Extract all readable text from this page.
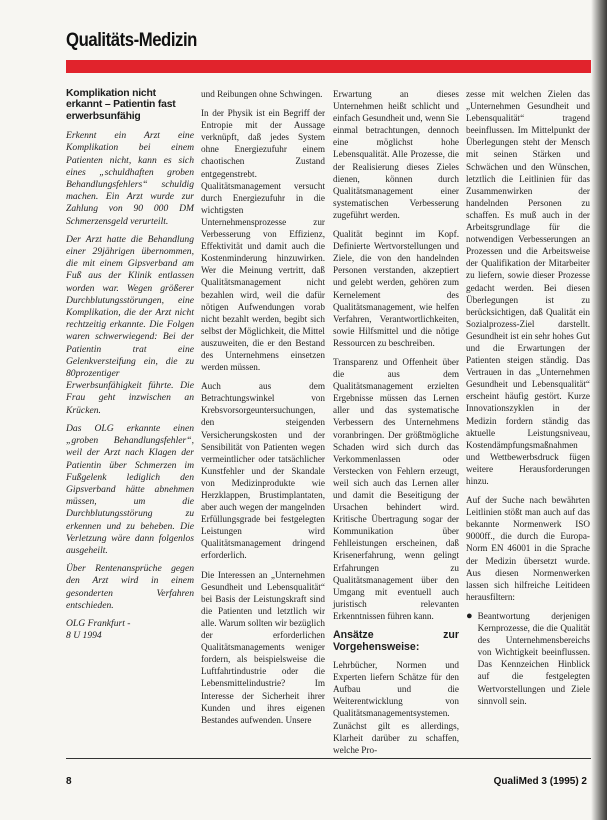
Qualitäts-Medizin
Komplikation nicht erkannt – Patientin fast erwerbsunfähig

Erkennt ein Arzt eine Komplikation bei einem Patienten nicht, kann es sich eines „schuldhaften groben Behandlungsfehlers“ schuldig machen. Ein Arzt wurde zur Zahlung von 90 000 DM Schmerzensgeld verurteilt.

Der Arzt hatte die Behandlung einer 29jährigen übernommen, die mit einem Gipsverband am Fuß aus der Klinik entlassen worden war. Wegen größerer Durchblutungsstörungen, eine Komplikation, die der Arzt nicht rechtzeitig erkannte. Die Folgen waren schwerwiegend: Bei der Patientin trat eine Gelenkversteifung ein, die zu 80prozentiger Erwerbsunfähigkeit führte. Die Frau geht inzwischen an Krücken.

Das OLG erkannte einen „groben Behandlungsfehler“, weil der Arzt nach Klagen der Patientin über Schmerzen im Fußgelenk lediglich den Gipsverband hätte abnehmen müssen, um die Durchblutungsstörung zu erkennen und zu beheben. Die Verletzung wäre dann folgenlos ausgeheilt.

Über Rentenansprüche gegen den Arzt wird in einem gesonderten Verfahren entschieden.

OLG Frankfurt -
8 U 1994

und Reibungen ohne Schwingen.

In der Physik ist ein Begriff der Entropie mit der Aussage verknüpft, daß jedes System ohne Energiezufuhr einem chaotischen Zustand entgegenstrebt. Qualitätsmanagement versucht durch Energiezufuhr in die wichtigsten Unternehmensprozesse zur Verbesserung von Effizienz, Effektivität und damit auch die Kostenminderung hinzuwirken. Wer die Meinung vertritt, daß Qualitätsmanagement nicht bezahlen wird, weil die dafür nötigen Aufwendungen vorab nicht bezahlt werden, begibt sich selbst der Möglichkeit, die Mittel auszuweiten, die er den Bestand des Unternehmens einsetzen werden müssen.

Auch aus dem Betrachtungswinkel von Krebsvorsorgeuntersuchungen, den steigenden Versicherungskosten und der Sensibilität von Patienten wegen vermeintlicher oder tatsächlicher Kunstfehler und der Skandale von Medizinprodukte wie Herzklappen, Brustimplantaten, aber auch wegen der mangelnden Erfüllungsgrade bei festgelegten Leistungen wird Qualitätsmanagement dringend erforderlich.

Die Interessen an „Unternehmen Gesundheit und Lebensqualität“ bei Basis der Leistungskraft sind die Patienten und letztlich wir alle. Warum sollten wir bezüglich der erforderlichen Qualitätsmanagements weniger fordern, als beispielsweise die Luftfahrtindustrie oder die Lebensmittelindustrie? Im Interesse der Sicherheit ihrer Kunden und ihres eigenen Bestandes aufwenden. Unsere

Erwartung an dieses Unternehmen heißt schlicht und einfach Gesundheit und, wenn Sie einmal betrachtungen, dennoch eine möglichst hohe Lebensqualität. Alle Prozesse, die der Realisierung dieses Zieles dienen, können durch Qualitätsmanagement einer systematischen Verbesserung zugeführt werden.

Qualität beginnt im Kopf. Definierte Wertvorstellungen und Ziele, die von den handelnden Personen verstanden, akzeptiert und gelebt werden, gehören zum Kernelement des Qualitätsmanagement, wie helfen Verfahren, Verantwortlichkeiten, sowie Hilfsmittel und die nötige Ressourcen zu beschreiben.

Transparenz und Offenheit über die aus dem Qualitätsmanagement erzielten Ergebnisse müssen das Lernen aller und das systematische Verbessern des Unternehmens voranbringen. Der größtmögliche Schaden wird sich durch das Verkommenlassen oder Verstecken von Fehlern erzeugt, weil sich auch das Lernen aller und damit die Beseitigung der Ursachen behindert wird. Kritische Übertragung sogar der Kommunikation über Fehlleistungen erscheinen, daß Krisenerfahrung, wenn gelingt Erfahrungen zu Qualitätsmanagement über den Umgang mit eventuell auch juristisch relevanten Erkenntnissen führen kann.

Ansätze zur Vorgehensweise:

Lehrbücher, Normen und Experten liefern Schätze für den Aufbau und die Weiterentwicklung von Qualitätsmanagementsystemen. Zunächst gilt es allerdings, Klarheit darüber zu schaffen, welche Pro-

zesse mit welchen Zielen das „Unternehmen Gesundheit und Lebensqualität“ tragend beeinflussen. Im Mittelpunkt der Überlegungen steht der Mensch mit seinen Stärken und Schwächen und den Wünschen, letztlich die Leitlinien für das Zusammenwirken der handelnden Personen zu schaffen. Es muß auch in der Arbeitsgrundlage für die notwendigen Verbesserungen an Prozessen und die Arbeitsweise der Qualifikation der Mitarbeiter zu liefern, sowie dieser Prozesse gedacht werden. Bei diesen Überlegungen ist zu berücksichtigen, daß Qualität ein Sozialprozess-Ziel darstellt. Gesundheit ist ein sehr hohes Gut und die Erwartungen der Patienten steigen ständig. Das Vertrauen in das „Unternehmen Gesundheit und Lebensqualität“ erscheint häufig gestört. Kurze Innovationszyklen in der Medizin fordern ständig das aktuelle Leistungsniveau, Kostendämpfungsmaßnahmen und Wettbewerbsdruck fügen weitere Herausforderungen hinzu.

Auf der Suche nach bewährten Leitlinien stößt man auch auf das bekannte Normenwerk ISO 9000ff., die durch die Europa-Norm EN 46001 in die Sprache der Medizin übersetzt wurde. Aus diesen Normenwerken lassen sich hilfreiche Leitideen herausfiltern:

● Beantwortung derjenigen Kernprozesse, die die Qualität des Unternehmensbereichs von Wichtigkeit beeinflussen. Das Kennzeichen Hinblick auf die festgelegten Wertvorstellungen und Ziele sinnvoll sein.
8	QualiMed 3 (1995) 2
